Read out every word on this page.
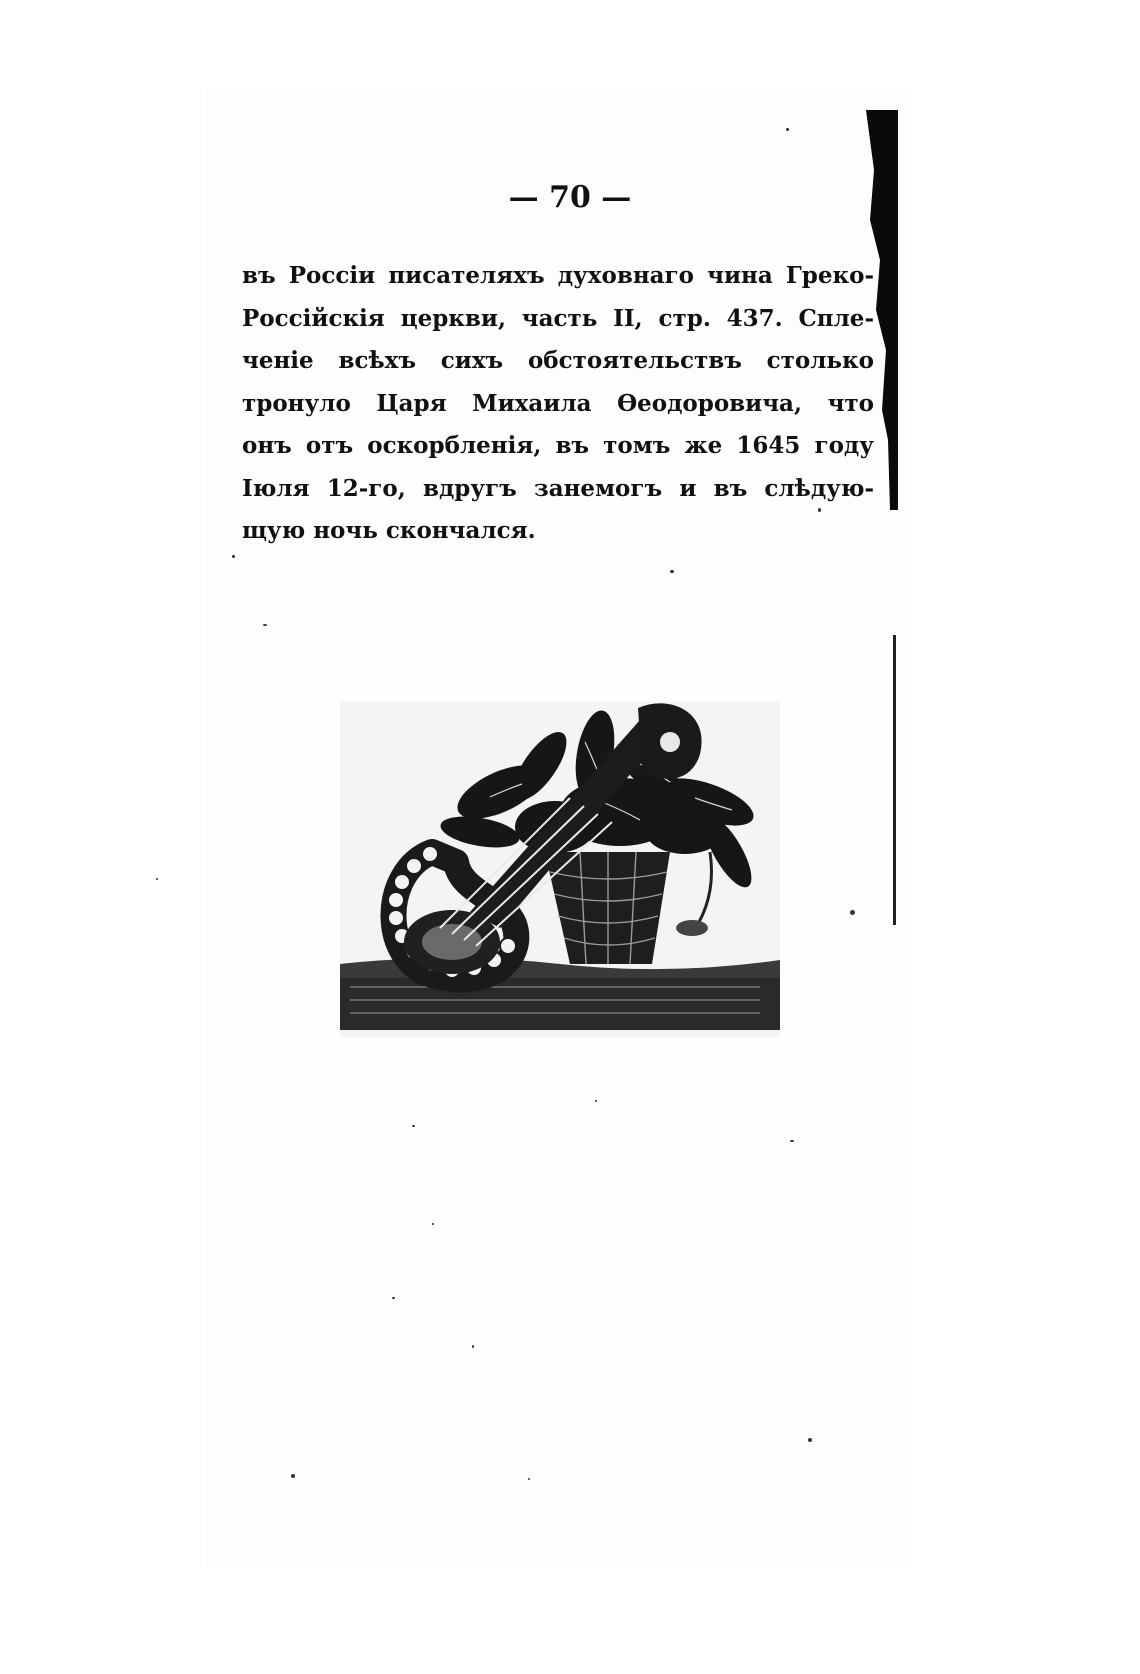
— 70 —
въ Россіи писателяхъ духовнаго чина Греко-
Россійскія церкви, часть II, стр. 437. Спле-
ченіе всѣхъ сихъ обстоятельствъ столько
тронуло Царя Михаила Ѳеодоровича, что
онъ отъ оскорбленія, въ томъ же 1645 году
Іюля 12-го, вдругъ занемогъ и въ слѣдую-
щую ночь скончался.
